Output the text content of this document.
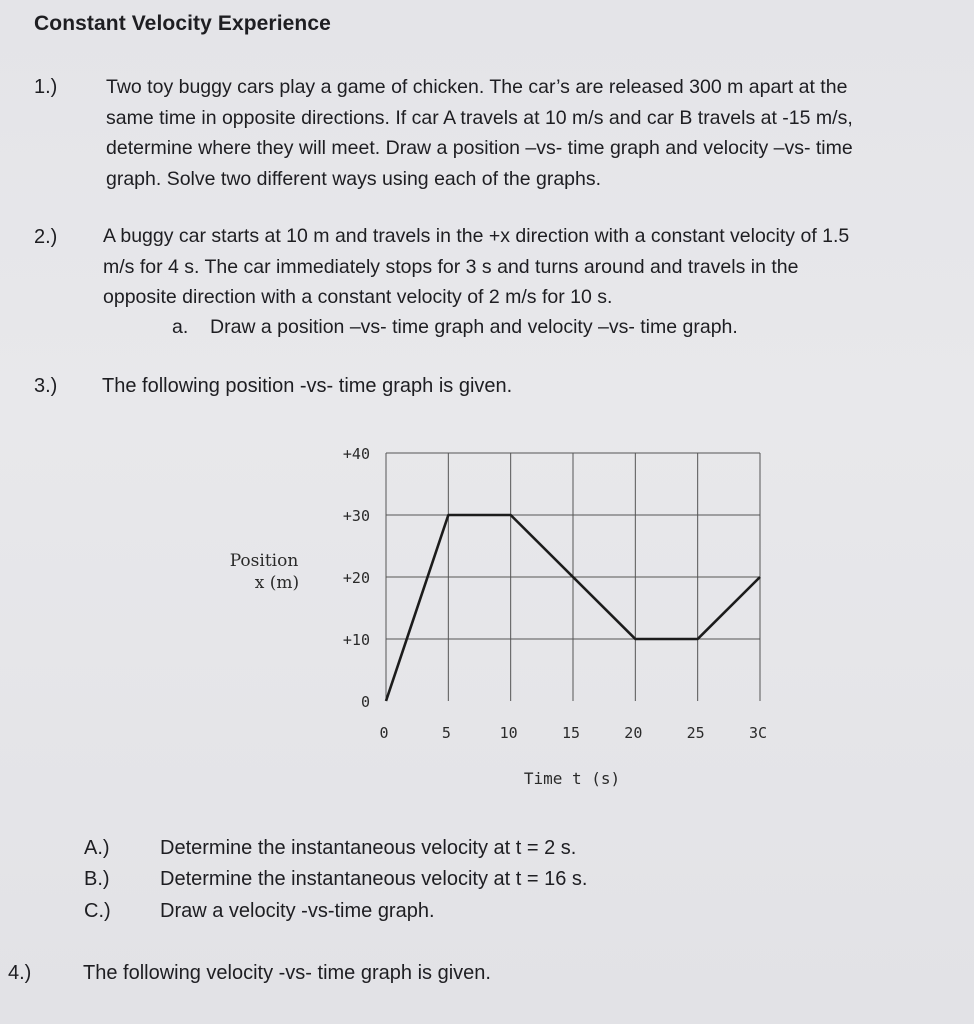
Constant Velocity Experience
1.) Two toy buggy cars play a game of chicken. The car’s are released 300 m apart at the
same time in opposite directions. If car A travels at 10 m/s and car B travels at -15 m/s,
determine where they will meet. Draw a position –vs- time graph and velocity –vs- time
graph. Solve two different ways using each of the graphs.
2.) A buggy car starts at 10 m and travels in the +x direction with a constant velocity of 1.5
m/s for 4 s. The car immediately stops for 3 s and turns around and travels in the
opposite direction with a constant velocity of 2 m/s for 10 s.
a. Draw a position –vs- time graph and velocity –vs- time graph.
3.) The following position -vs- time graph is given.
Position
x (m)
Time t (s)
0
+10
+20
+30
+40
0	5	10	15	20	25	3C
A.)	Determine the instantaneous velocity at t = 2 s.
B.)	Determine the instantaneous velocity at t = 16 s.
C.) Draw a velocity -vs-time graph.
4.)	The following velocity -vs- time graph is given.
